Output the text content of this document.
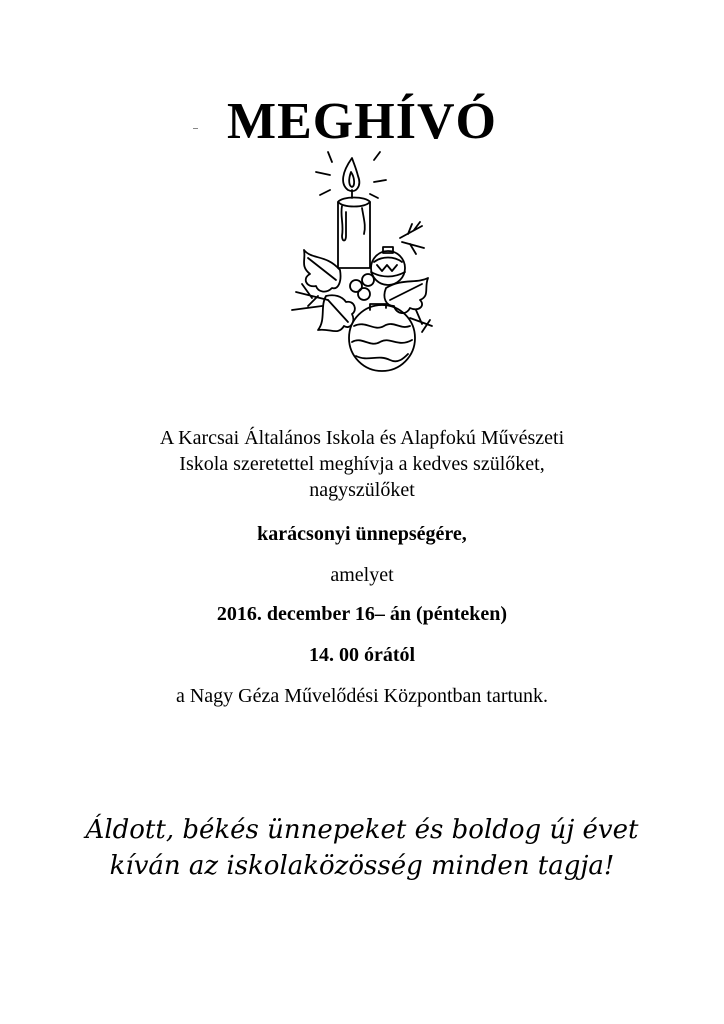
MEGHÍVÓ
A Karcsai Általános Iskola és Alapfokú Művészeti
Iskola szeretettel meghívja a kedves szülőket,
nagyszülőket
karácsonyi ünnepségére,
amelyet
2016. december 16– án (pénteken)
14. 00 órától
a Nagy Géza Művelődési Központban tartunk.
Áldott, békés ünnepeket és boldog új évet
kíván az iskolaközösség minden tagja!
